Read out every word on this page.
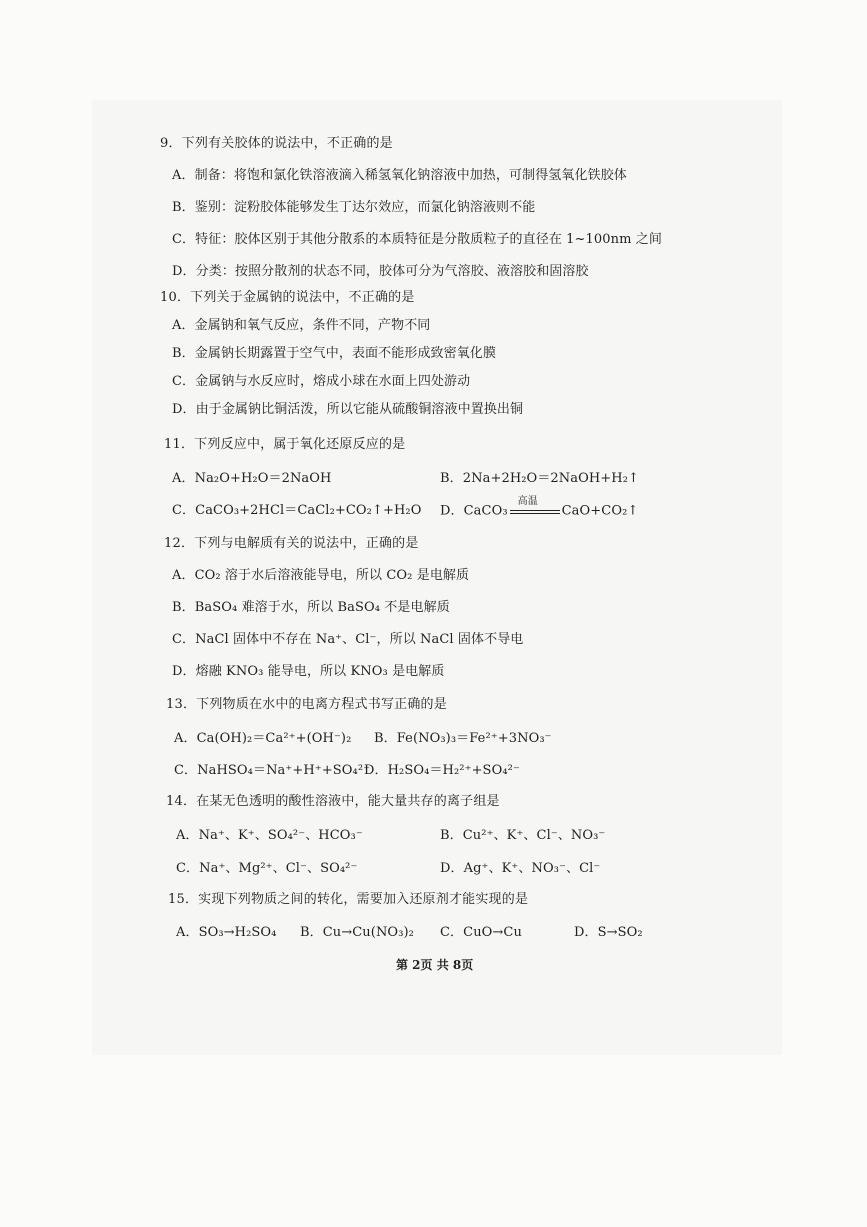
9．下列有关胶体的说法中，不正确的是
A．制备：将饱和氯化铁溶液滴入稀氢氧化钠溶液中加热，可制得氢氧化铁胶体
B．鉴别：淀粉胶体能够发生丁达尔效应，而氯化钠溶液则不能
C．特征：胶体区别于其他分散系的本质特征是分散质粒子的直径在 1~100nm 之间
D．分类：按照分散剂的状态不同，胶体可分为气溶胶、液溶胶和固溶胶
10．下列关于金属钠的说法中，不正确的是
A．金属钠和氧气反应，条件不同，产物不同
B．金属钠长期露置于空气中，表面不能形成致密氧化膜
C．金属钠与水反应时，熔成小球在水面上四处游动
D．由于金属钠比铜活泼，所以它能从硫酸铜溶液中置换出铜
11．下列反应中，属于氧化还原反应的是
A．Na₂O+H₂O＝2NaOH	B．2Na+2H₂O＝2NaOH+H₂↑
C．CaCO₃+2HCl＝CaCl₂+CO₂↑+H₂O D．CaCO₃
高温
CaO+CO₂↑
12．下列与电解质有关的说法中，正确的是
A．CO₂ 溶于水后溶液能导电，所以 CO₂ 是电解质
B．BaSO₄ 难溶于水，所以 BaSO₄ 不是电解质
C．NaCl 固体中不存在 Na⁺、Cl⁻，所以 NaCl 固体不导电
D．熔融 KNO₃ 能导电，所以 KNO₃ 是电解质
13．下列物质在水中的电离方程式书写正确的是
A．Ca(OH)₂＝Ca²⁺+(OH⁻)₂ B．Fe(NO₃)₃＝Fe²⁺+3NO₃⁻
C．NaHSO₄＝Na⁺+H⁺+SO₄²⁻
D．H₂SO₄＝H₂²⁺+SO₄²⁻
14．在某无色透明的酸性溶液中，能大量共存的离子组是
A．Na⁺、K⁺、SO₄²⁻、HCO₃⁻	B．Cu²⁺、K⁺、Cl⁻、NO₃⁻
C．Na⁺、Mg²⁺、Cl⁻、SO₄²⁻	D．Ag⁺、K⁺、NO₃⁻、Cl⁻
15．实现下列物质之间的转化，需要加入还原剂才能实现的是
A．SO₃→H₂SO₄ B．Cu→Cu(NO₃)₂ C．CuO→Cu	D．S→SO₂
第 2页 共 8页
